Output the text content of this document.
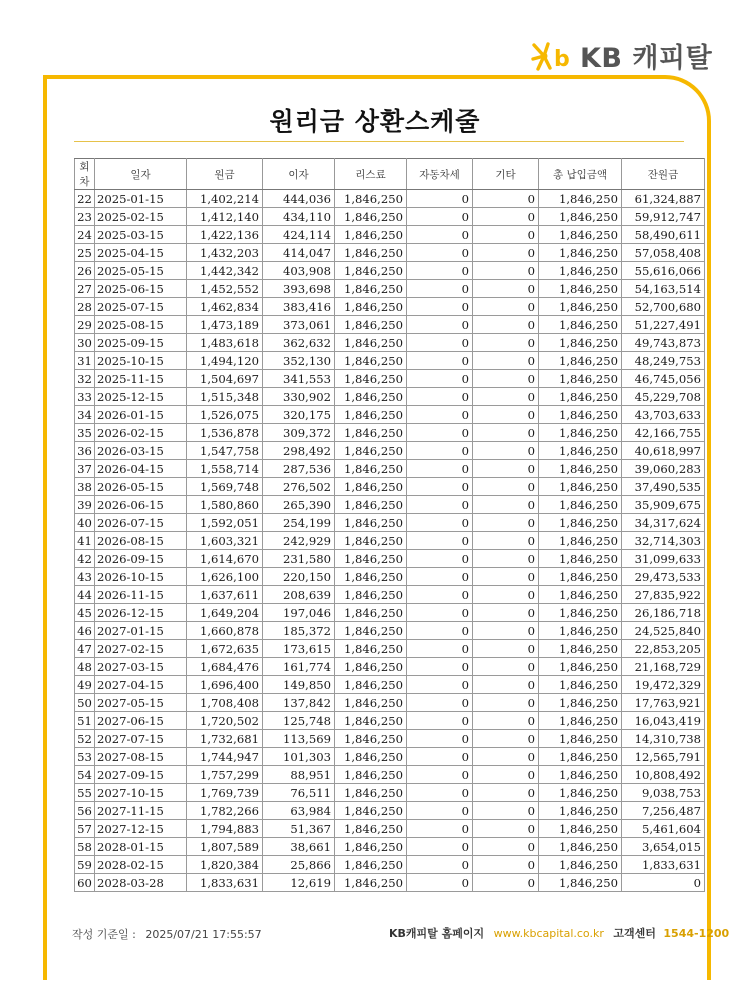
b KB 캐피탈
원리금 상환스케줄
회차	일자	원금	이자	리스료	자동차세	기타	총 납입금액	잔원금
22	2025-01-15	1,402,214	444,036	1,846,250	0	0	1,846,250	61,324,887
23	2025-02-15	1,412,140	434,110	1,846,250	0	0	1,846,250	59,912,747
24	2025-03-15	1,422,136	424,114	1,846,250	0	0	1,846,250	58,490,611
25	2025-04-15	1,432,203	414,047	1,846,250	0	0	1,846,250	57,058,408
26	2025-05-15	1,442,342	403,908	1,846,250	0	0	1,846,250	55,616,066
27	2025-06-15	1,452,552	393,698	1,846,250	0	0	1,846,250	54,163,514
28	2025-07-15	1,462,834	383,416	1,846,250	0	0	1,846,250	52,700,680
29	2025-08-15	1,473,189	373,061	1,846,250	0	0	1,846,250	51,227,491
30	2025-09-15	1,483,618	362,632	1,846,250	0	0	1,846,250	49,743,873
31	2025-10-15	1,494,120	352,130	1,846,250	0	0	1,846,250	48,249,753
32	2025-11-15	1,504,697	341,553	1,846,250	0	0	1,846,250	46,745,056
33	2025-12-15	1,515,348	330,902	1,846,250	0	0	1,846,250	45,229,708
34	2026-01-15	1,526,075	320,175	1,846,250	0	0	1,846,250	43,703,633
35	2026-02-15	1,536,878	309,372	1,846,250	0	0	1,846,250	42,166,755
36	2026-03-15	1,547,758	298,492	1,846,250	0	0	1,846,250	40,618,997
37	2026-04-15	1,558,714	287,536	1,846,250	0	0	1,846,250	39,060,283
38	2026-05-15	1,569,748	276,502	1,846,250	0	0	1,846,250	37,490,535
39	2026-06-15	1,580,860	265,390	1,846,250	0	0	1,846,250	35,909,675
40	2026-07-15	1,592,051	254,199	1,846,250	0	0	1,846,250	34,317,624
41	2026-08-15	1,603,321	242,929	1,846,250	0	0	1,846,250	32,714,303
42	2026-09-15	1,614,670	231,580	1,846,250	0	0	1,846,250	31,099,633
43	2026-10-15	1,626,100	220,150	1,846,250	0	0	1,846,250	29,473,533
44	2026-11-15	1,637,611	208,639	1,846,250	0	0	1,846,250	27,835,922
45	2026-12-15	1,649,204	197,046	1,846,250	0	0	1,846,250	26,186,718
46	2027-01-15	1,660,878	185,372	1,846,250	0	0	1,846,250	24,525,840
47	2027-02-15	1,672,635	173,615	1,846,250	0	0	1,846,250	22,853,205
48	2027-03-15	1,684,476	161,774	1,846,250	0	0	1,846,250	21,168,729
49	2027-04-15	1,696,400	149,850	1,846,250	0	0	1,846,250	19,472,329
50	2027-05-15	1,708,408	137,842	1,846,250	0	0	1,846,250	17,763,921
51	2027-06-15	1,720,502	125,748	1,846,250	0	0	1,846,250	16,043,419
52	2027-07-15	1,732,681	113,569	1,846,250	0	0	1,846,250	14,310,738
53	2027-08-15	1,744,947	101,303	1,846,250	0	0	1,846,250	12,565,791
54	2027-09-15	1,757,299	88,951	1,846,250	0	0	1,846,250	10,808,492
55	2027-10-15	1,769,739	76,511	1,846,250	0	0	1,846,250	9,038,753
56	2027-11-15	1,782,266	63,984	1,846,250	0	0	1,846,250	7,256,487
57	2027-12-15	1,794,883	51,367	1,846,250	0	0	1,846,250	5,461,604
58	2028-01-15	1,807,589	38,661	1,846,250	0	0	1,846,250	3,654,015
59	2028-02-15	1,820,384	25,866	1,846,250	0	0	1,846,250	1,833,631
60	2028-03-28	1,833,631	12,619	1,846,250	0	0	1,846,250	0
작성 기준일 : 2025/07/21 17:55:57	KB캐피탈 홈페이지 www.kbcapital.co.kr 고객센터 1544-1200
